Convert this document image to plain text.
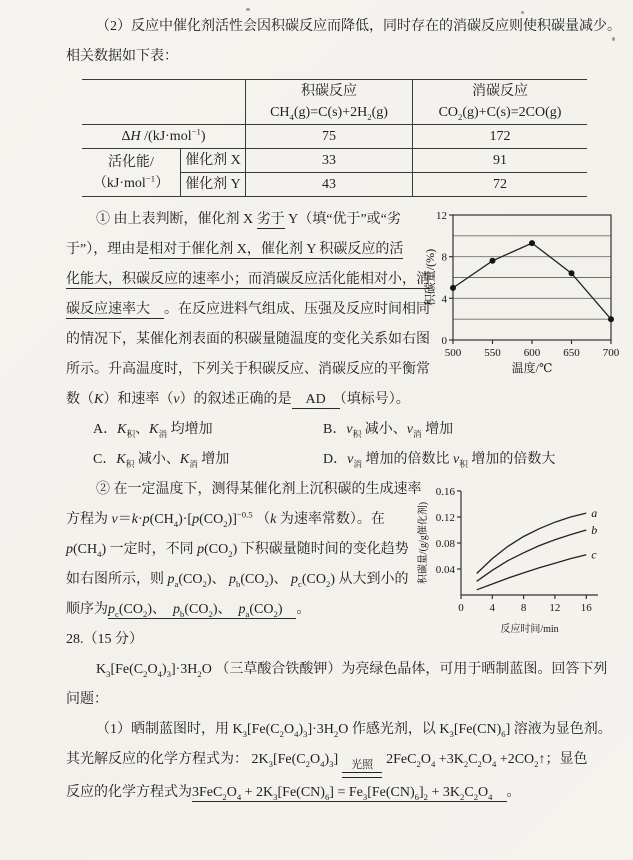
（2）反应中催化剂活性会因积碳反应而降低，同时存在的消碳反应则使积碳量减少。
相关数据如下表：

积碳反应
$CH_4(g)=C(s)+2H_2(g)$

消碳反应
$CO_2(g)+C(s)=2CO(g)$

ΔH /(kJ·mol$^{-1}$)		75	172

活化能/
（kJ·mol$^{-1}$）	催化剂 X	33	91
	催化剂 Y	43	72
500 550 600 650 700
0
4
8
12
温度/℃
积碳量/(%)
① 由上表判断，催化剂 X 劣于 Y（填“优于”或“劣
于”），理由是相对于催化剂 X，催化剂 Y 积碳反应的活
化能大，积碳反应的速率小；而消碳反应活化能相对小，消
碳反应速率大　。在反应进料气组成、压强及反应时间相同
的情况下，某催化剂表面的积碳量随温度的变化关系如右图
所示。升高温度时，下列关于积碳反应、消碳反应的平衡常
数（K）和速率（v）的叙述正确的是　AD　（填标号）。
A．$K_积$、$K_消$ 均增加	B．$v_积$ 减小、$v_消$ 增加
C．$K_积$ 减小、$K_消$ 增加	D．$v_消$ 增加的倍数比 $v_积$ 增加的倍数大
0 4 8 12 16
0.04
0.08
0.12
0.16
a
b
c
反应时间/min
积碳量/(g/g催化剂)
② 在一定温度下，测得某催化剂上沉积碳的生成速率
方程为 $v=k\cdot p(CH_4)\cdot[p(CO_2)]^{-0.5}$ （k 为速率常数）。在
$p(CH_4)$ 一定时，不同 $p(CO_2)$ 下积碳量随时间的变化趋势
如右图所示，则 $p_a(CO_2)$、 $p_b(CO_2)$、 $p_c(CO_2)$ 从大到小的
顺序为$p_c(CO_2)$、　$p_b(CO_2)$、　$p_a(CO_2)$　。
28.（15 分）
$K_3[Fe(C_2O_4)_3]\cdot 3H_2O$ （三草酸合铁酸钾）为亮绿色晶体，可用于晒制蓝图。回答下列
问题：
（1）晒制蓝图时，用 $K_3[Fe(C_2O_4)_3]\cdot 3H_2O$ 作感光剂，以 $K_3[Fe(CN)_6]$ 溶液为显色剂。
其光解反应的化学方程式为： $2K_3[Fe(C_2O_4)_3]$ 光照 $2FeC_2O_4 +3K_2C_2O_4$ $+2CO_2↑$；显色
反应的化学方程式为$3FeC_2O_4 + 2K_3[Fe(CN)_6] = Fe_3[Fe(CN)_6]_2 + 3K_2C_2O_4$　 。
